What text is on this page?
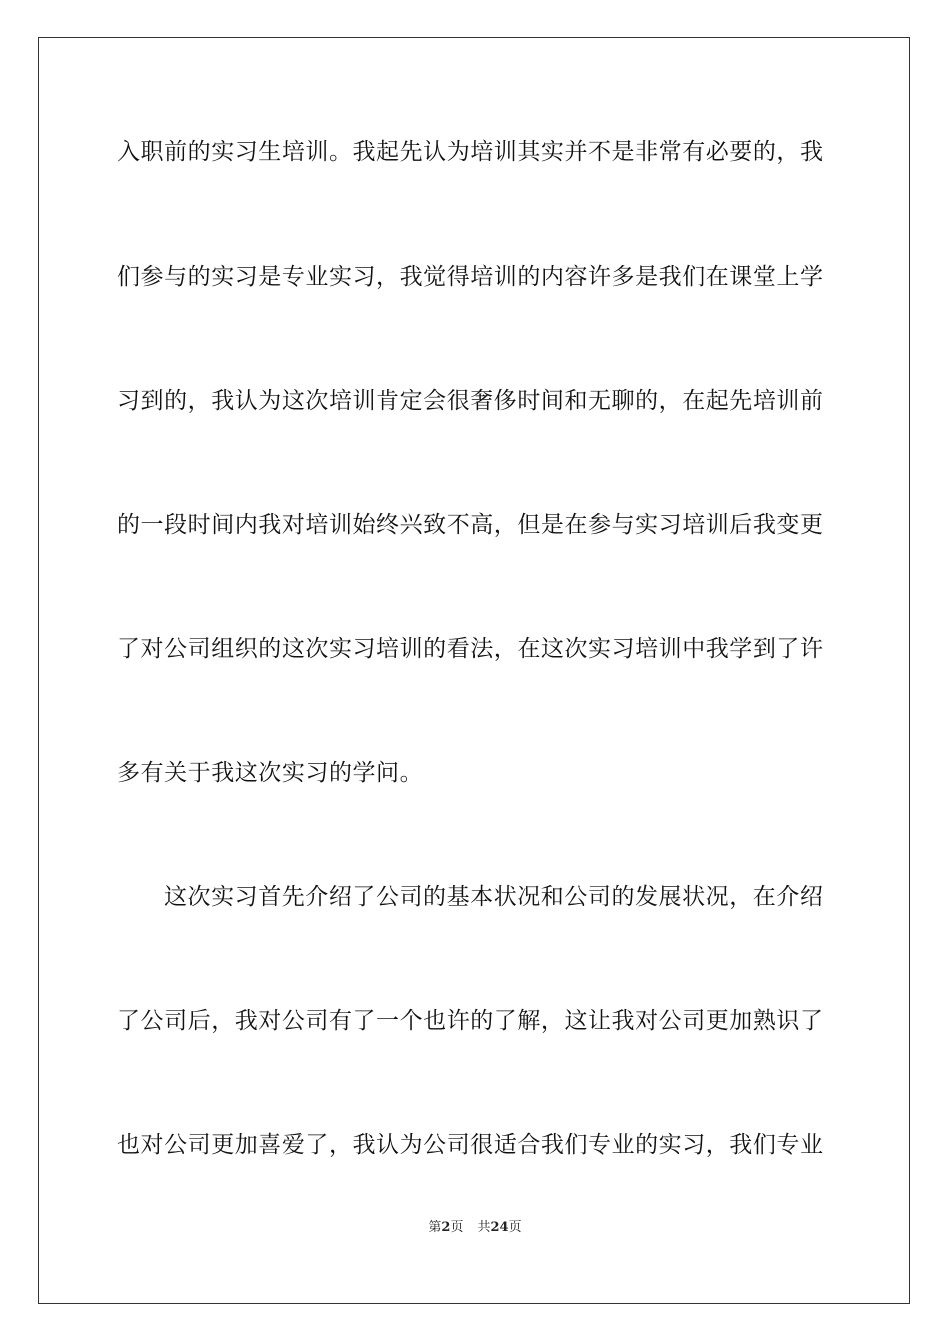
入职前的实习生培训。我起先认为培训其实并不是非常有必要的，我
们参与的实习是专业实习，我觉得培训的内容许多是我们在课堂上学
习到的，我认为这次培训肯定会很奢侈时间和无聊的，在起先培训前
的一段时间内我对培训始终兴致不高，但是在参与实习培训后我变更
了对公司组织的这次实习培训的看法，在这次实习培训中我学到了许
多有关于我这次实习的学问。
这次实习首先介绍了公司的基本状况和公司的发展状况，在介绍
了公司后，我对公司有了一个也许的了解，这让我对公司更加熟识了
也对公司更加喜爱了，我认为公司很适合我们专业的实习，我们专业
第2页 共24页
